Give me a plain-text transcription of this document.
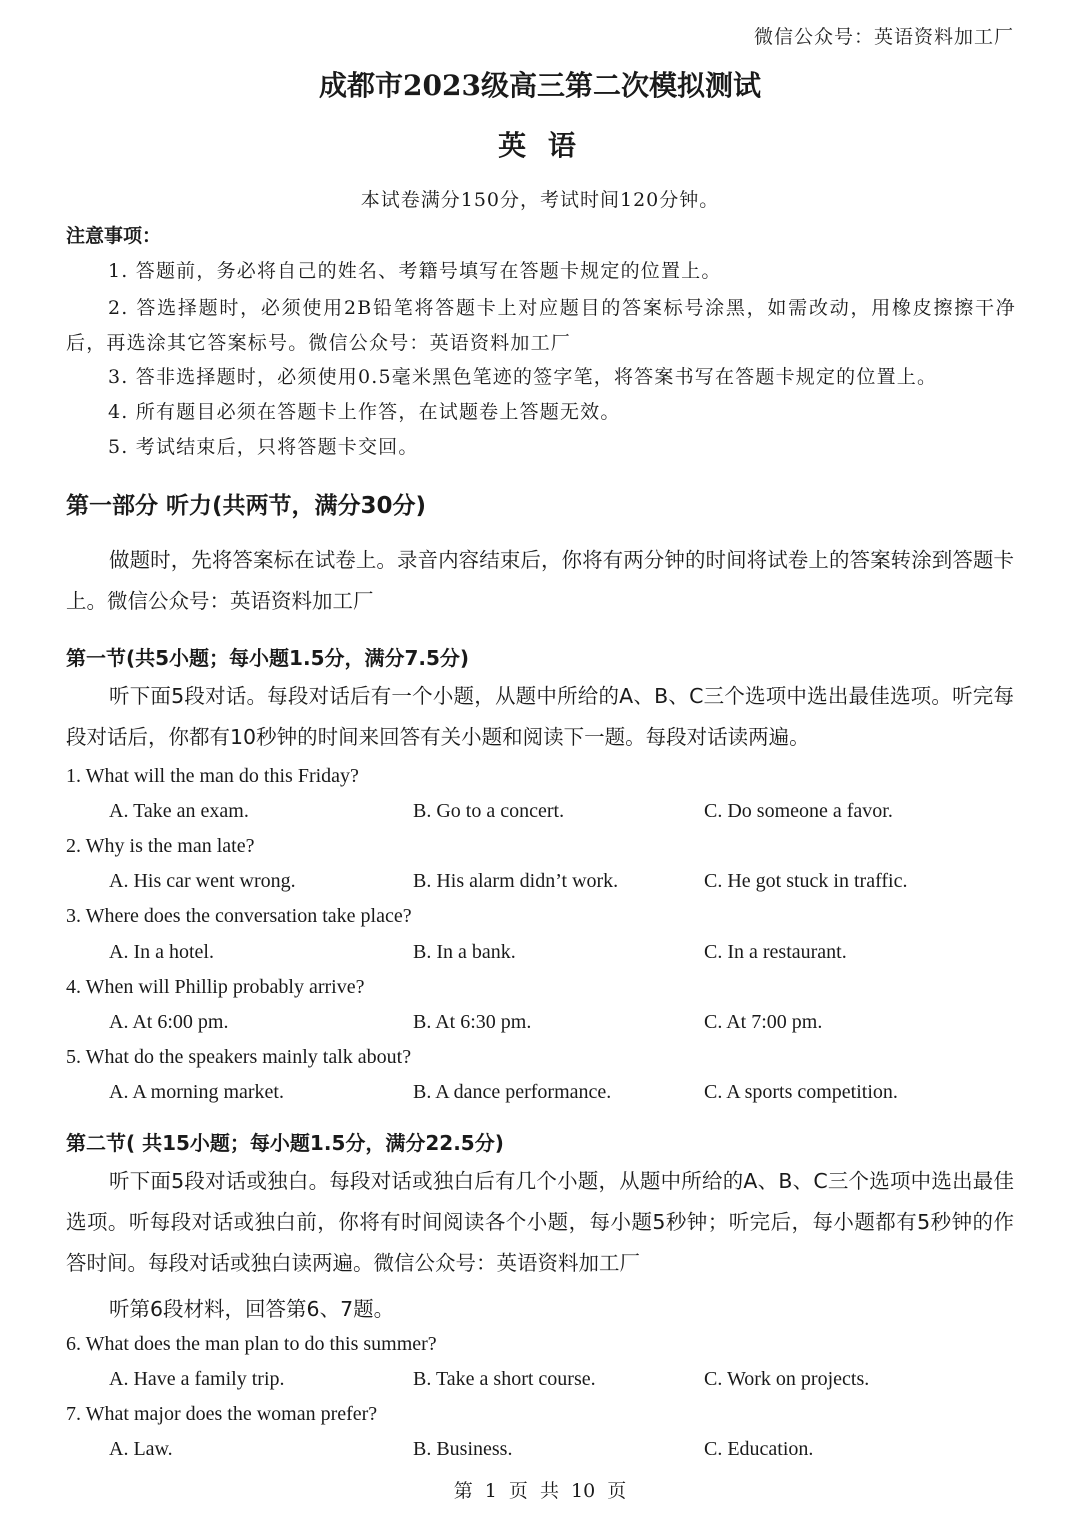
微信公众号：英语资料加工厂
成都市2023级高三第二次模拟测试
英 语
本试卷满分150分，考试时间120分钟。
注意事项：
1. 答题前，务必将自己的姓名、考籍号填写在答题卡规定的位置上。
2. 答选择题时，必须使用2B铅笔将答题卡上对应题目的答案标号涂黑，如需改动，用橡皮擦擦干净后，再选涂其它答案标号。微信公众号：英语资料加工厂
3. 答非选择题时，必须使用0.5毫米黑色笔迹的签字笔，将答案书写在答题卡规定的位置上。
4. 所有题目必须在答题卡上作答，在试题卷上答题无效。
5. 考试结束后，只将答题卡交回。
第一部分 听力(共两节，满分30分)
做题时，先将答案标在试卷上。录音内容结束后，你将有两分钟的时间将试卷上的答案转涂到答题卡上。微信公众号：英语资料加工厂
第一节(共5小题；每小题1.5分，满分7.5分)
听下面5段对话。每段对话后有一个小题，从题中所给的A、B、C三个选项中选出最佳选项。听完每段对话后，你都有10秒钟的时间来回答有关小题和阅读下一题。每段对话读两遍。
1. What will the man do this Friday?
A. Take an exam.	B. Go to a concert.	C. Do someone a favor.
2. Why is the man late?
A. His car went wrong.	B. His alarm didn’t work.	C. He got stuck in traffic.
3. Where does the conversation take place?
A. In a hotel.	B. In a bank.	C. In a restaurant.
4. When will Phillip probably arrive?
A. At 6:00 pm.	B. At 6:30 pm.	C. At 7:00 pm.
5. What do the speakers mainly talk about?
A. A morning market.	B. A dance performance.	C. A sports competition.
第二节( 共15小题；每小题1.5分，满分22.5分)
听下面5段对话或独白。每段对话或独白后有几个小题，从题中所给的A、B、C三个选项中选出最佳选项。听每段对话或独白前，你将有时间阅读各个小题，每小题5秒钟；听完后，每小题都有5秒钟的作答时间。每段对话或独白读两遍。微信公众号：英语资料加工厂
听第6段材料，回答第6、7题。
6. What does the man plan to do this summer?
A. Have a family trip.	B. Take a short course.	C. Work on projects.
7. What major does the woman prefer?
A. Law.	B. Business.	C. Education.
第 1 页 共 10 页
